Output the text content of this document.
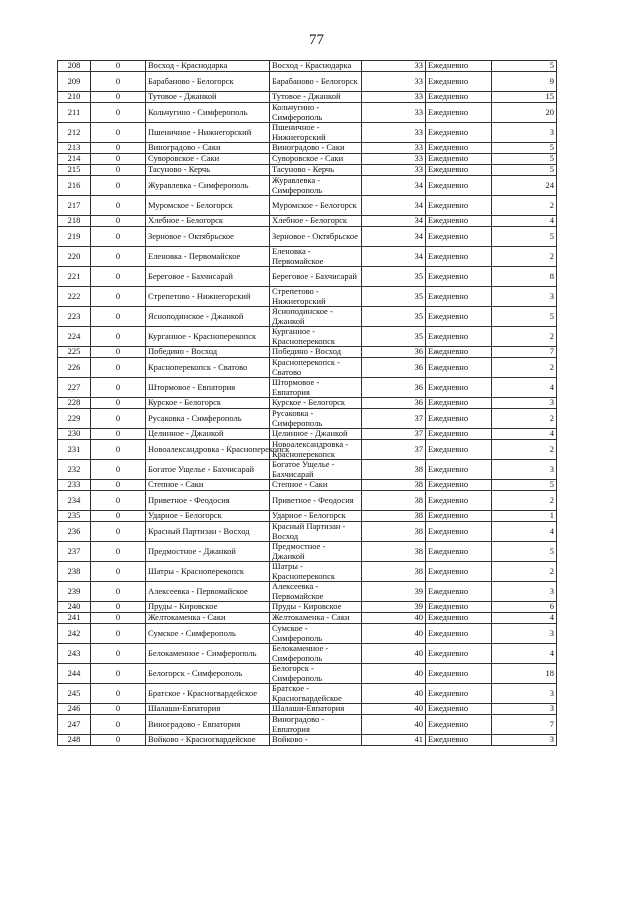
77
208	0	Восход - Краснодарка	Восход - Краснодарка	33	Ежедневно	5
209	0	Барабаново - Белогорск	Барабаново - Белогорск	33	Ежедневно	9
210	0	Тутовое - Джанкой	Тутовое - Джанкой	33	Ежедневно	15
211	0	Кольчугино - Симферополь	Кольчугино - Симферополь	33	Ежедневно	20
212	0	Пшеничное - Нижнегорский	Пшеничное - Нижнегорский	33	Ежедневно	3
213	0	Виноградово - Саки	Виноградово - Саки	33	Ежедневно	5
214	0	Суворовское - Саки	Суворовское - Саки	33	Ежедневно	5
215	0	Тасуново - Керчь	Тасуново - Керчь	33	Ежедневно	5
216	0	Журавлевка - Симферополь	Журавлевка - Симферополь	34	Ежедневно	24
217	0	Муромское - Белогорск	Муромское - Белогорск	34	Ежедневно	2
218	0	Хлебное - Белогорск	Хлебное - Белогорск	34	Ежедневно	4
219	0	Зерновое - Октябрьское	Зерновое - Октябрьское	34	Ежедневно	5
220	0	Еленовка - Первомайское	Еленовка - Первомайское	34	Ежедневно	2
221	0	Береговое - Бахчисарай	Береговое - Бахчисарай	35	Ежедневно	8
222	0	Стрепетово - Нижнегорский	Стрепетово - Нижнегорский	35	Ежедневно	3
223	0	Ясноподинское - Джанкой	Ясноподинское - Джанкой	35	Ежедневно	5
224	0	Курганное - Красноперекопск	Курганное - Красноперекопск	35	Ежедневно	2
225	0	Победино - Восход	Победино - Восход	36	Ежедневно	7
226	0	Красноперекопск - Сватово	Красноперекопск - Сватово	36	Ежедневно	2
227	0	Штормовое - Евпатория	Штормовое - Евпатория	36	Ежедневно	4
228	0	Курское - Белогорск	Курское - Белогорск	36	Ежедневно	3
229	0	Русаковка - Симферополь	Русаковка - Симферополь	37	Ежедневно	2
230	0	Целинное - Джанкой	Целинное - Джанкой	37	Ежедневно	4
231	0	Новоалександровка - Красноперекопск	Новоалександровка - Красноперекопск	37	Ежедневно	2
232	0	Богатое Ущелье - Бахчисарай	Богатое Ущелье - Бахчисарай	38	Ежедневно	3
233	0	Степное - Саки	Степное - Саки	38	Ежедневно	5
234	0	Приветное - Феодосия	Приветное - Феодосия	38	Ежедневно	2
235	0	Ударное - Белогорск	Ударное - Белогорск	38	Ежедневно	1
236	0	Красный Партизан - Восход	Красный Партизан - Восход	38	Ежедневно	4
237	0	Предмостное - Джанкой	Предмостное - Джанкой	38	Ежедневно	5
238	0	Шатры - Красноперекопск	Шатры - Красноперекопск	38	Ежедневно	2
239	0	Алексеевка - Первомайское	Алексеевка - Первомайское	39	Ежедневно	3
240	0	Пруды - Кировское	Пруды - Кировское	39	Ежедневно	6
241	0	Желтокаменка - Саки	Желтокаменка - Саки	40	Ежедневно	4
242	0	Сумское - Симферополь	Сумское - Симферополь	40	Ежедневно	3
243	0	Белокаменное - Симферополь	Белокаменное - Симферополь	40	Ежедневно	4
244	0	Белогорск - Симферополь	Белогорск - Симферополь	40	Ежедневно	18
245	0	Братское - Красногвардейское	Братское - Красногвардейское	40	Ежедневно	3
246	0	Шалаши-Евпатория	Шалаши-Евпатория	40	Ежедневно	3
247	0	Виноградово - Евпатория	Виноградово - Евпатория	40	Ежедневно	7
248	0	Войково - Красногвардейское	Войково -	41	Ежедневно	3
